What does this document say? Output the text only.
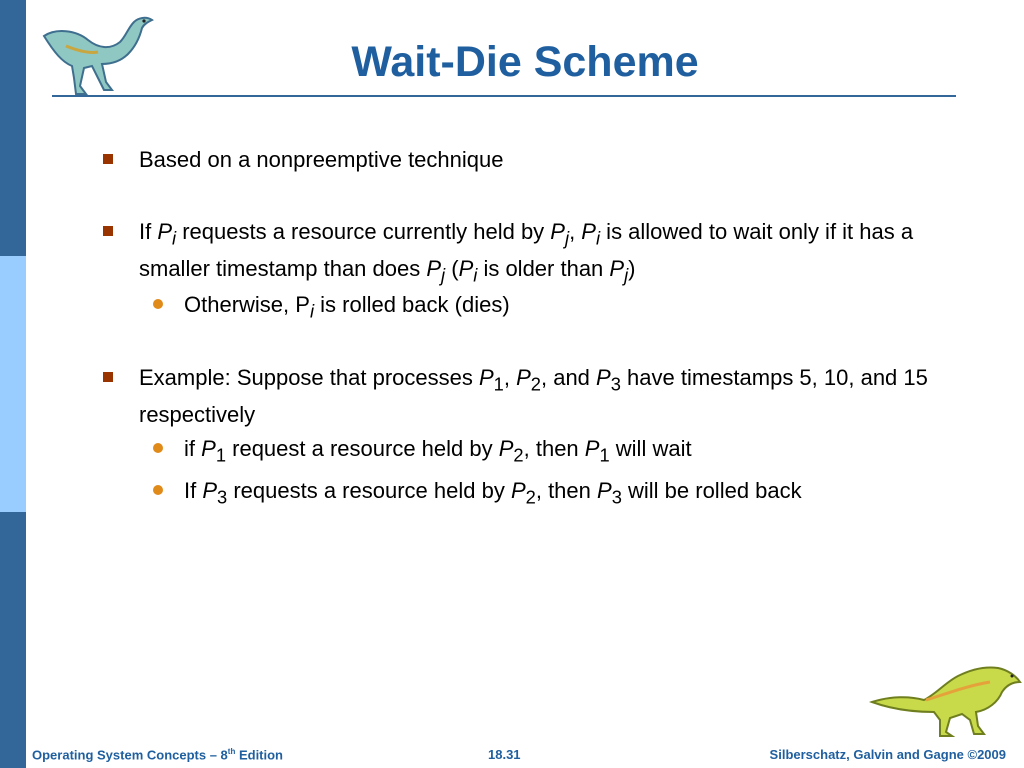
Wait-Die Scheme
Based on a nonpreemptive technique
If $P_i$ requests a resource currently held by $P_j$, $P_i$ is allowed to wait only if it has a smaller timestamp than does $P_j$ ($P_i$ is older than $P_j$)
Otherwise, $P_i$ is rolled back (dies)
Example: Suppose that processes $P_1$, $P_2$, and $P_3$ have timestamps 5, 10, and 15 respectively
if $P_1$ request a resource held by $P_2$, then $P_1$ will wait
If $P_3$ requests a resource held by $P_2$, then $P_3$ will be rolled back
Operating System Concepts – 8th Edition	18.31	Silberschatz, Galvin and Gagne ©2009
